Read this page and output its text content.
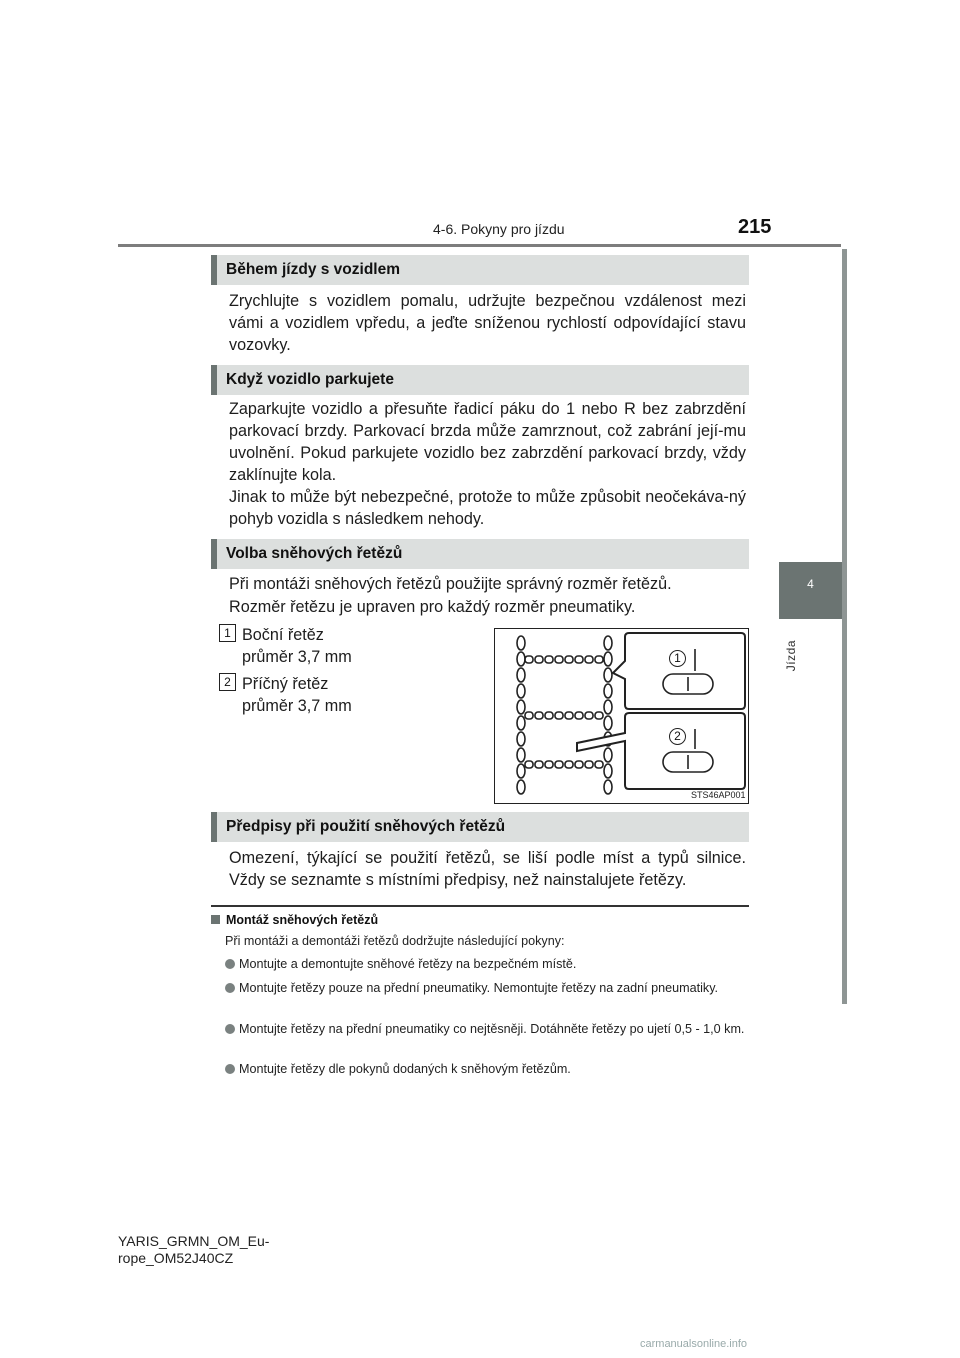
4-6. Pokyny pro jízdu	215
4
Jízda
Během jízdy s vozidlem
Zrychlujte s vozidlem pomalu, udržujte bezpečnou vzdálenost mezi vámi a vozidlem vpředu, a jeďte sníženou rychlostí odpovídající stavu vozovky.
Když vozidlo parkujete
Zaparkujte vozidlo a přesuňte řadicí páku do 1 nebo R bez zabrzdění parkovací brzdy. Parkovací brzda může zamrznout, což zabrání její-mu uvolnění. Pokud parkujete vozidlo bez zabrzdění parkovací brzdy, vždy zaklínujte kola.
Jinak to může být nebezpečné, protože to může způsobit neočekáva-ný pohyb vozidla s následkem nehody.
Volba sněhových řetězů
Při montáži sněhových řetězů použijte správný rozměr řetězů.
Rozměr řetězu je upraven pro každý rozměr pneumatiky.
1 Boční řetěz
průměr 3,7 mm
2 Příčný řetěz
průměr 3,7 mm
1
2
STS46AP001
Předpisy při použití sněhových řetězů
Omezení, týkající se použití řetězů, se liší podle míst a typů silnice. Vždy se seznamte s místními předpisy, než nainstalujete řetězy.
Montáž sněhových řetězů
Při montáži a demontáži řetězů dodržujte následující pokyny:
Montujte a demontujte sněhové řetězy na bezpečném místě.
Montujte řetězy pouze na přední pneumatiky. Nemontujte řetězy na zadní pneumatiky.
Montujte řetězy na přední pneumatiky co nejtěsněji. Dotáhněte řetězy po ujetí 0,5 - 1,0 km.
Montujte řetězy dle pokynů dodaných k sněhovým řetězům.
YARIS_GRMN_OM_Eu-
rope_OM52J40CZ
carmanualsonline.info
